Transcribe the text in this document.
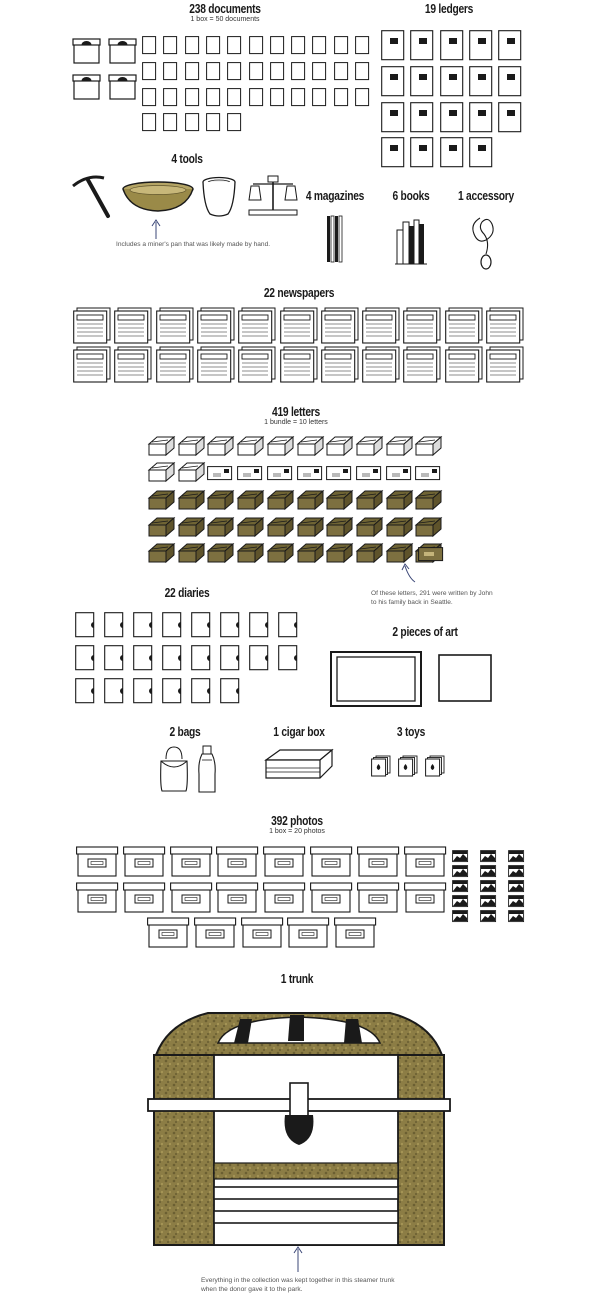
238 documents
1 box = 50 documents
19 ledgers
4 tools
4 magazines 6 books 1 accessory
Includes a miner's pan that was likely made by hand.
22 newspapers
419 letters
1 bundle = 10 letters
Of these letters, 291 were written by John
to his family back in Seattle.
22 diaries
2 pieces of art
2 bags	1 cigar box	3 toys
392 photos
1 box = 20 photos
1 trunk
Everything in the collection was kept together in this steamer trunk
when the donor gave it to the park.
